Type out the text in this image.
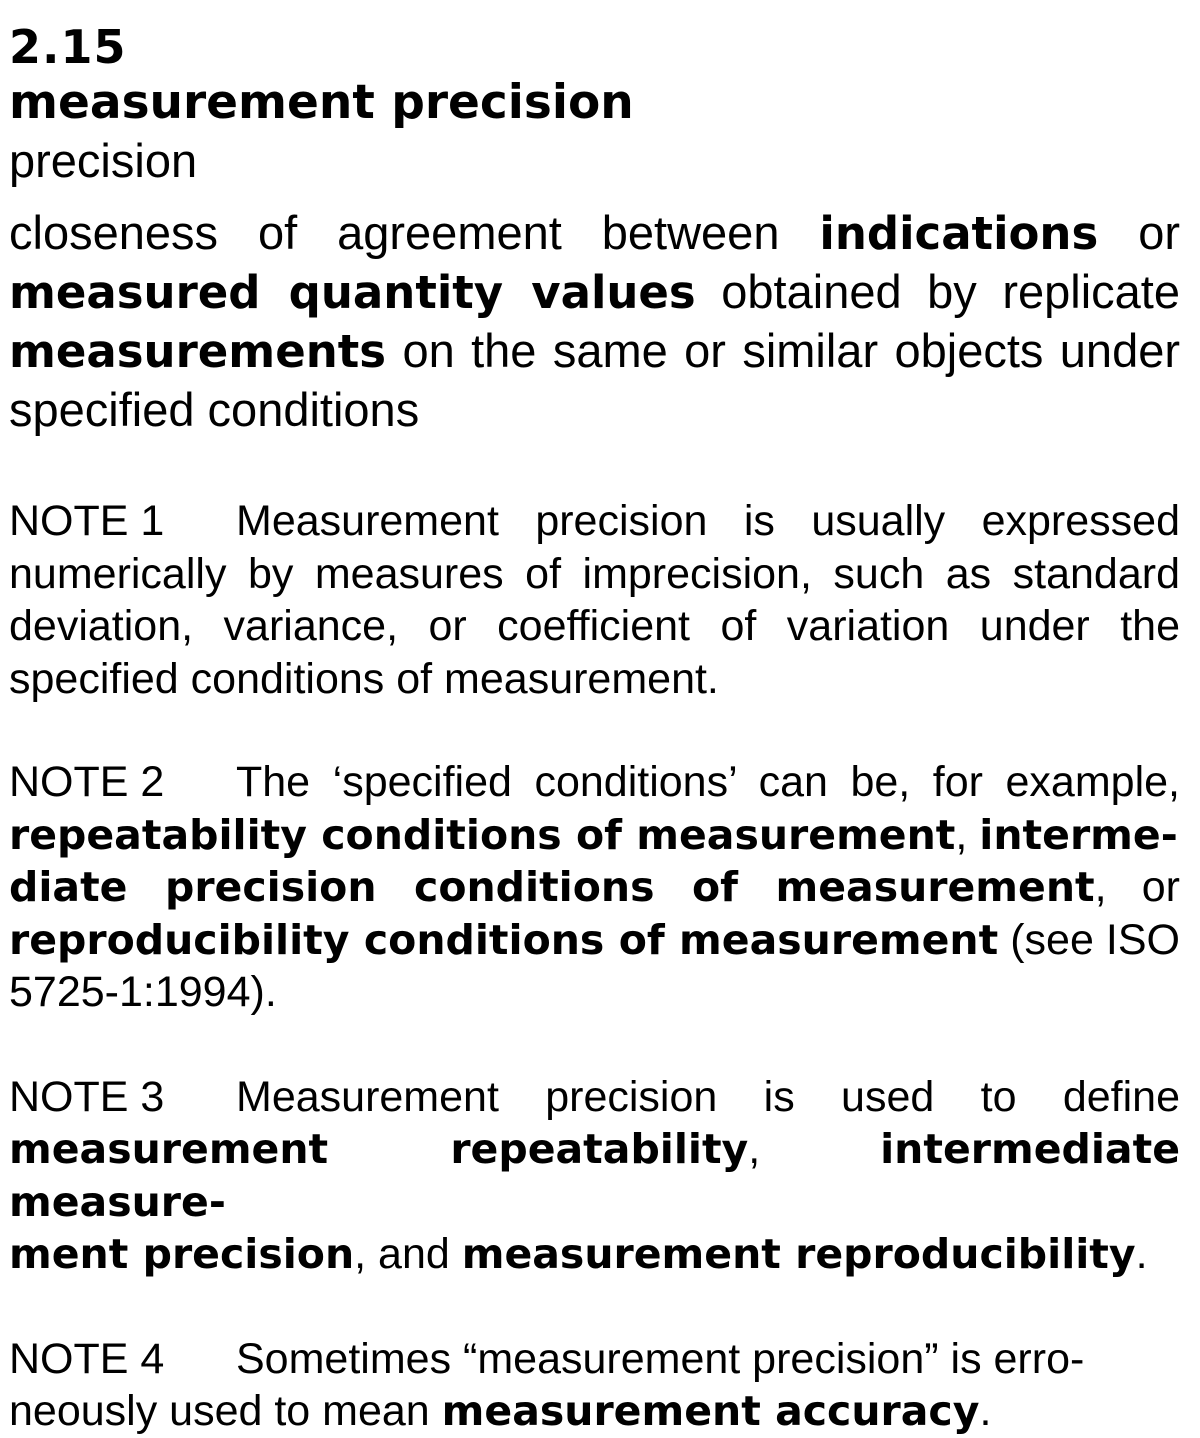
2.15
measurement precision
precision
closeness of agreement between indications or measured quantity values obtained by replicate measurements on the same or similar objects under specified conditions
NOTE 1 Measurement precision is usually expressed numerically by measures of imprecision, such as standard deviation, variance, or coefficient of variation under the specified conditions of measurement.
NOTE 2 The ‘specified conditions’ can be, for example, repeatability conditions of measurement, interme-
diate precision conditions of measurement, or reproducibility conditions of measurement (see ISO 5725-1:1994).
NOTE 3 Measurement precision is used to define measurement repeatability, intermediate measure-
ment precision, and measurement reproducibility.
NOTE 4 Sometimes “measurement precision” is erro-
neously used to mean measurement accuracy.
